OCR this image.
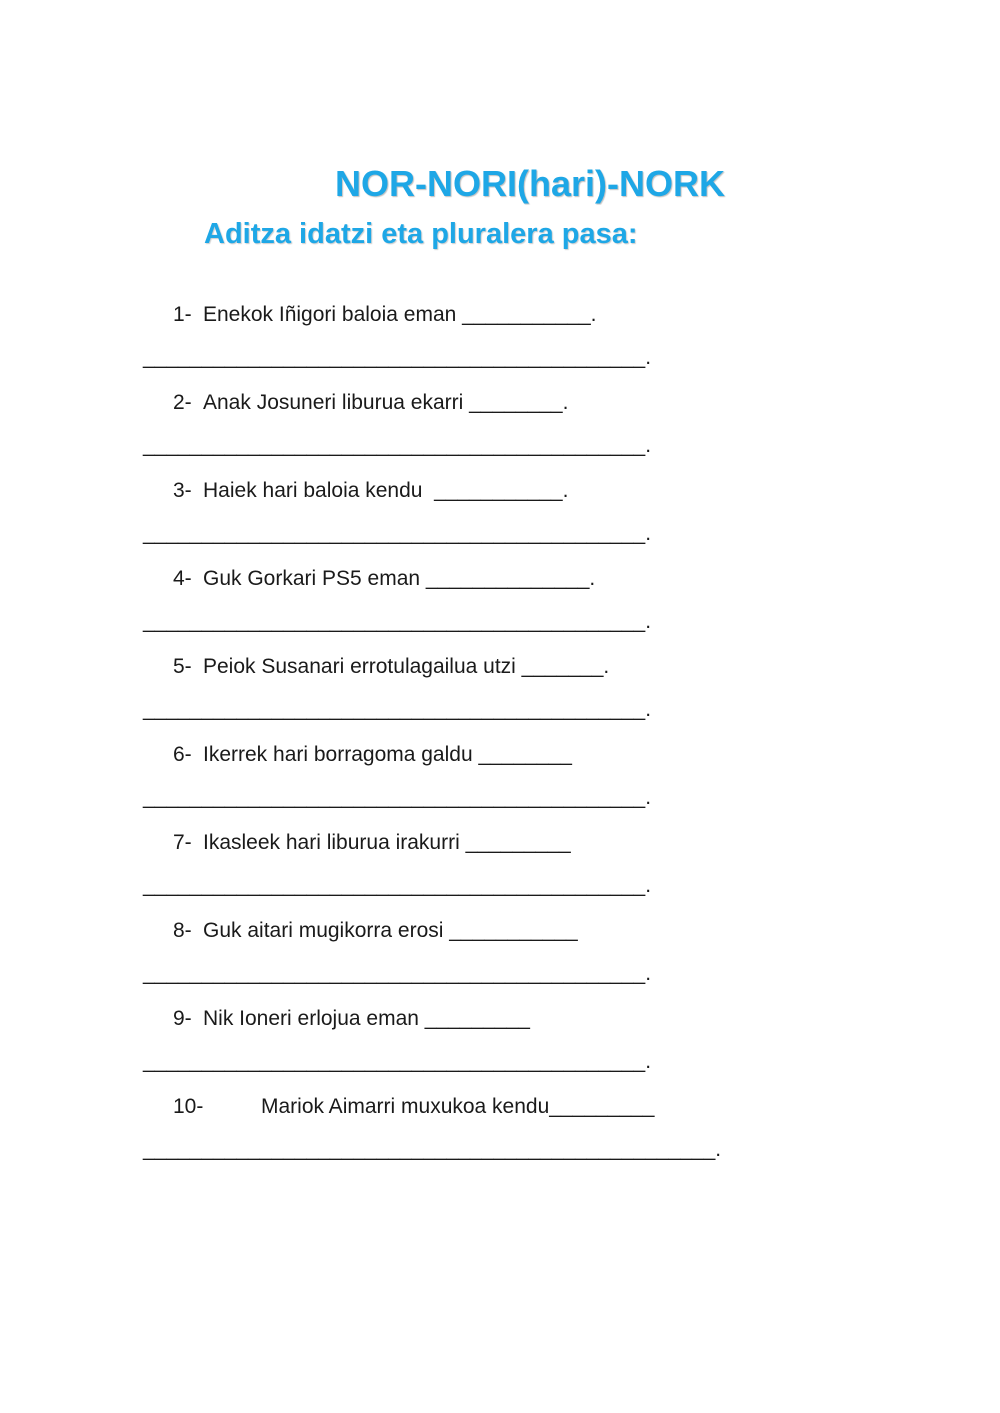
NOR-NORI(hari)-NORK
Aditza idatzi eta pluralera pasa:
1- Enekok Iñigori baloia eman ___________.
___________________________________________.
2- Anak Josuneri liburua ekarri ________.
___________________________________________.
3- Haiek hari baloia kendu  ___________.
___________________________________________.
4- Guk Gorkari PS5 eman ______________.
___________________________________________.
5- Peiok Susanari errotulagailua utzi _______.
___________________________________________.
6- Ikerrek hari borragoma galdu ________
___________________________________________.
7- Ikasleek hari liburua irakurri _________
___________________________________________.
8- Guk aitari mugikorra erosi ___________
___________________________________________.
9- Nik Ioneri erlojua eman _________
___________________________________________.
10-	Mariok Aimarri muxukoa kendu_________
_________________________________________________.
